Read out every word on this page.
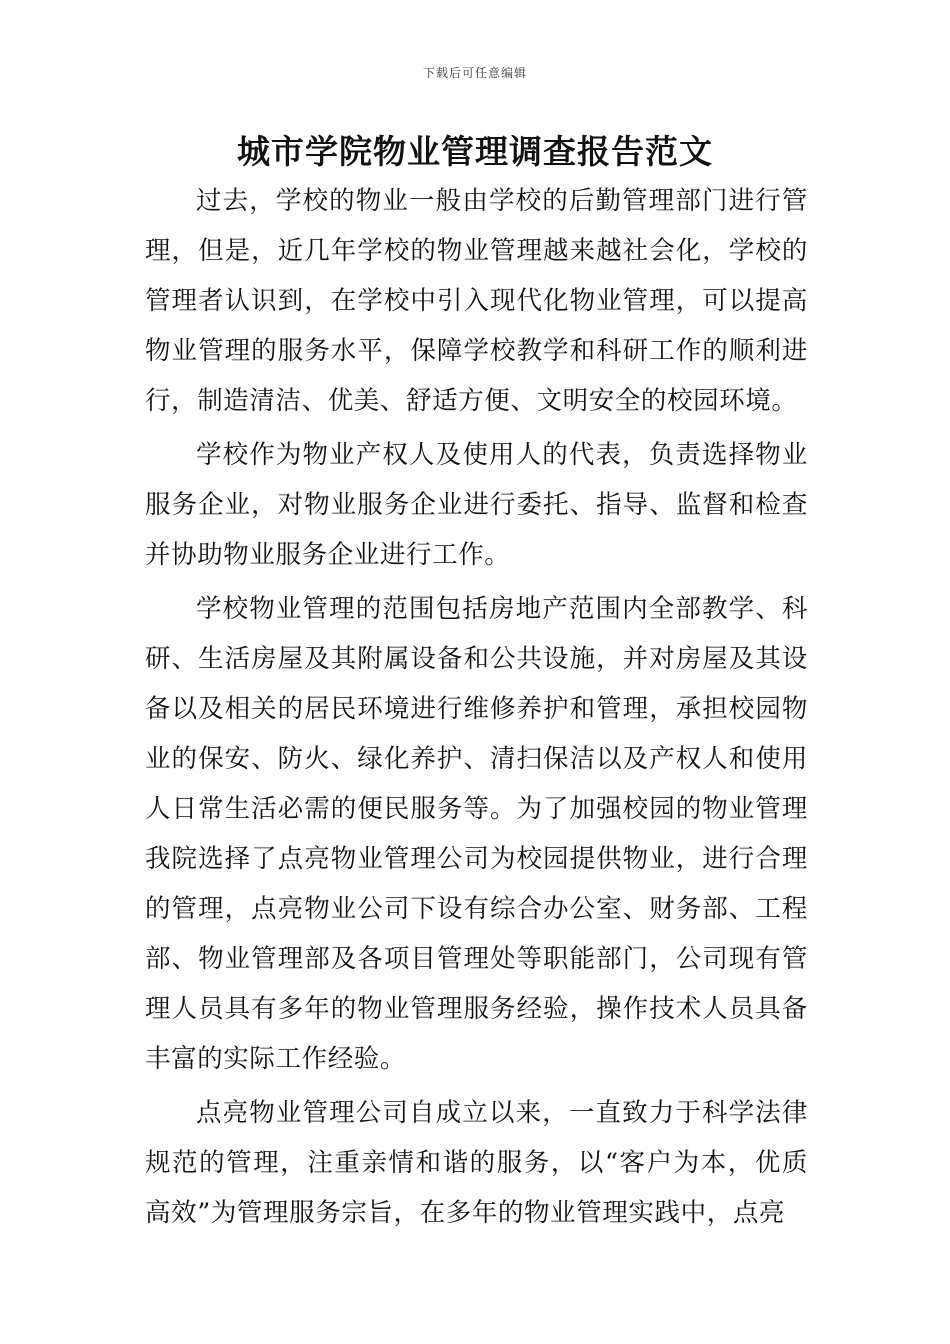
下载后可任意编辑
城市学院物业管理调查报告范文

过去，学校的物业一般由学校的后勤管理部门进行管理，但是，近几年学校的物业管理越来越社会化，学校的管理者认识到，在学校中引入现代化物业管理，可以提高物业管理的服务水平，保障学校教学和科研工作的顺利进行，制造清洁、优美、舒适方便、文明安全的校园环境。

学校作为物业产权人及使用人的代表，负责选择物业服务企业，对物业服务企业进行委托、指导、监督和检查并协助物业服务企业进行工作。

学校物业管理的范围包括房地产范围内全部教学、科研、生活房屋及其附属设备和公共设施，并对房屋及其设备以及相关的居民环境进行维修养护和管理，承担校园物业的保安、防火、绿化养护、清扫保洁以及产权人和使用人日常生活必需的便民服务等。为了加强校园的物业管理我院选择了点亮物业管理公司为校园提供物业，进行合理的管理，点亮物业公司下设有综合办公室、财务部、工程部、物业管理部及各项目管理处等职能部门，公司现有管理人员具有多年的物业管理服务经验，操作技术人员具备丰富的实际工作经验。

点亮物业管理公司自成立以来，一直致力于科学法律规范的管理，注重亲情和谐的服务，以“客户为本，优质高效”为管理服务宗旨，在多年的物业管理实践中，点亮
